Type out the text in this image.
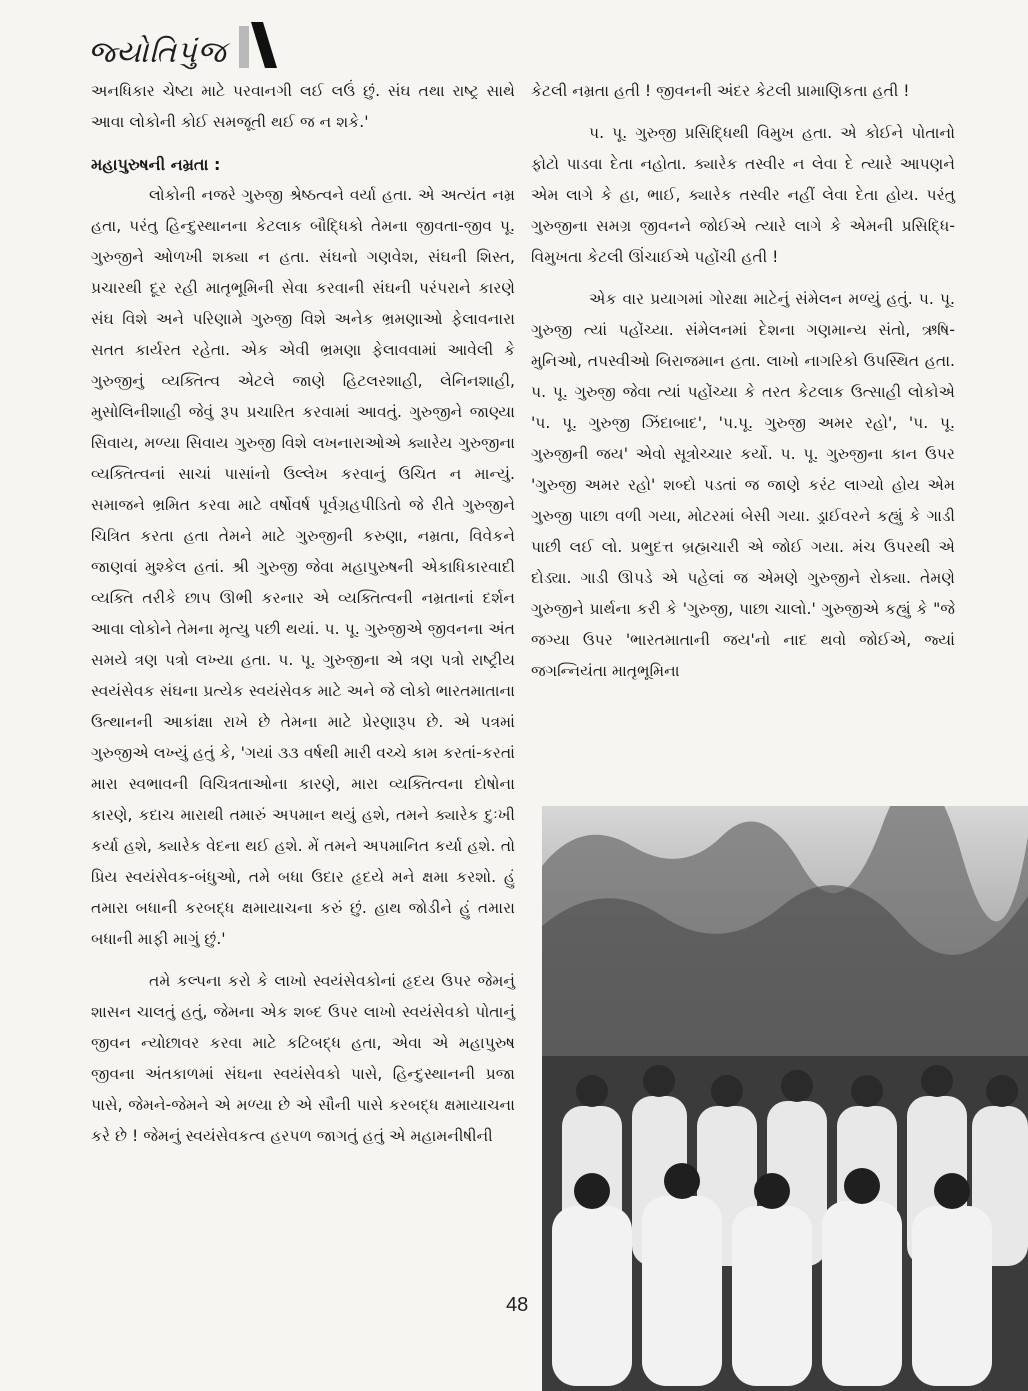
જ્યોતિપુંજ

અનધિકાર ચેષ્ટા માટે પરવાનગી લઈ લઉં છું. સંઘ તથા રાષ્ટ્ર સાથે આવા લોકોની કોઈ સમજૂતી થઈ જ ન શકે.'

મહાપુરુષની નમ્રતા :

લોકોની નજરે ગુરુજી શ્રેષ્ઠત્વને વર્યા હતા. એ અત્યંત નમ્ર હતા, પરંતુ હિન્દુસ્થાનના કેટલાક બૌદ્ધિકો તેમના જીવતા-જીવ પૂ. ગુરુજીને ઓળખી શક્યા ન હતા. સંઘનો ગણવેશ, સંઘની શિસ્ત, પ્રચારથી દૂર રહી માતૃભૂમિની સેવા કરવાની સંઘની પરંપરાને કારણે સંઘ વિશે અને પરિણામે ગુરુજી વિશે અનેક ભ્રમણાઓ ફેલાવનારા સતત કાર્યરત રહેતા. એક એવી ભ્રમણા ફેલાવવામાં આવેલી કે ગુરુજીનું વ્યક્તિત્વ એટલે જાણે હિટલરશાહી, લેનિનશાહી, મુસોલિનીશાહી જેવું રૂપ પ્રચારિત કરવામાં આવતું. ગુરુજીને જાણ્યા સિવાય, મળ્યા સિવાય ગુરુજી વિશે લખનારાઓએ ક્યારેય ગુરુજીના વ્યક્તિત્વનાં સાચાં પાસાંનો ઉલ્લેખ કરવાનું ઉચિત ન માન્યું. સમાજને ભ્રમિત કરવા માટે વર્ષોવર્ષ પૂર્વગ્રહપીડિતો જે રીતે ગુરુજીને ચિત્રિત કરતા હતા તેમને માટે ગુરુજીની કરુણા, નમ્રતા, વિવેકને જાણવાં મુશ્કેલ હતાં. શ્રી ગુરુજી જેવા મહાપુરુષની એકાધિકારવાદી વ્યક્તિ તરીકે છાપ ઊભી કરનાર એ વ્યક્તિત્વની નમ્રતાનાં દર્શન આવા લોકોને તેમના મૃત્યુ પછી થયાં. પ. પૂ. ગુરુજીએ જીવનના અંત સમયે ત્રણ પત્રો લખ્યા હતા. પ. પૂ. ગુરુજીના એ ત્રણ પત્રો રાષ્ટ્રીય સ્વયંસેવક સંઘના પ્રત્યેક સ્વયંસેવક માટે અને જે લોકો ભારતમાતાના ઉત્થાનની આકાંક્ષા રાખે છે તેમના માટે પ્રેરણારૂપ છે. એ પત્રમાં ગુરુજીએ લખ્યું હતું કે, 'ગયાં ૩૩ વર્ષથી મારી વચ્ચે કામ કરતાં-કરતાં મારા સ્વભાવની વિચિત્રતાઓના કારણે, મારા વ્યક્તિત્વના દોષોના કારણે, કદાચ મારાથી તમારું અપમાન થયું હશે, તમને ક્યારેક દુઃખી કર્યા હશે, ક્યારેક વેદના થઈ હશે. મેં તમને અપમાનિત કર્યા હશે. તો પ્રિય સ્વયંસેવક-બંધુઓ, તમે બધા ઉદાર હૃદયે મને ક્ષમા કરશો. હું તમારા બધાની કરબદ્ધ ક્ષમાયાચના કરું છું. હાથ જોડીને હું તમારા બધાની માફી માગું છું.'

તમે કલ્પના કરો કે લાખો સ્વયંસેવકોનાં હૃદય ઉપર જેમનું શાસન ચાલતું હતું, જેમના એક શબ્દ ઉપર લાખો સ્વયંસેવકો પોતાનું જીવન ન્યોછાવર કરવા માટે કટિબદ્ધ હતા, એવા એ મહાપુરુષ જીવના અંતકાળમાં સંઘના સ્વયંસેવકો પાસે, હિન્દુસ્થાનની પ્રજા પાસે, જેમને-જેમને એ મળ્યા છે એ સૌની પાસે કરબદ્ધ ક્ષમાયાચના કરે છે ! જેમનું સ્વયંસેવકત્વ હરપળ જાગતું હતું એ મહામનીષીની

કેટલી નમ્રતા હતી ! જીવનની અંદર કેટલી પ્રામાણિકતા હતી !

પ. પૂ. ગુરુજી પ્રસિદ્ધિથી વિમુખ હતા. એ કોઈને પોતાનો ફોટો પાડવા દેતા નહોતા. ક્યારેક તસ્વીર ન લેવા દે ત્યારે આપણને એમ લાગે કે હા, ભાઈ, ક્યારેક તસ્વીર નહીં લેવા દેતા હોય. પરંતુ ગુરુજીના સમગ્ર જીવનને જોઈએ ત્યારે લાગે કે એમની પ્રસિદ્ધિ-વિમુખતા કેટલી ઊંચાઈએ પહોંચી હતી !

એક વાર પ્રયાગમાં ગોરક્ષા માટેનું સંમેલન મળ્યું હતું. પ. પૂ. ગુરુજી ત્યાં પહોંચ્યા. સંમેલનમાં દેશના ગણમાન્ય સંતો, ઋષિ-મુનિઓ, તપસ્વીઓ બિરાજમાન હતા. લાખો નાગરિકો ઉપસ્થિત હતા. પ. પૂ. ગુરુજી જેવા ત્યાં પહોંચ્યા કે તરત કેટલાક ઉત્સાહી લોકોએ 'પ. પૂ. ગુરુજી ઝિંદાબાદ', 'પ.પૂ. ગુરુજી અમર રહો', 'પ. પૂ. ગુરુજીની જય' એવો સૂત્રોચ્ચાર કર્યો. પ. પૂ. ગુરુજીના કાન ઉપર 'ગુરુજી અમર રહો' શબ્દો પડતાં જ જાણે કરંટ લાગ્યો હોય એમ ગુરુજી પાછા વળી ગયા, મોટરમાં બેસી ગયા. ડ્રાઈવરને કહ્યું કે ગાડી પાછી લઈ લો. પ્રભુદત્ત બ્રહ્મચારી એ જોઈ ગયા. મંચ ઉપરથી એ દોડ્યા. ગાડી ઊપડે એ પહેલાં જ એમણે ગુરુજીને રોક્યા. તેમણે ગુરુજીને પ્રાર્થના કરી કે 'ગુરુજી, પાછા ચાલો.' ગુરુજીએ કહ્યું કે "જે જગ્યા ઉપર 'ભારતમાતાની જય'નો નાદ થવો જોઈએ, જ્યાં જગન્નિયંતા માતૃભૂમિના

48
